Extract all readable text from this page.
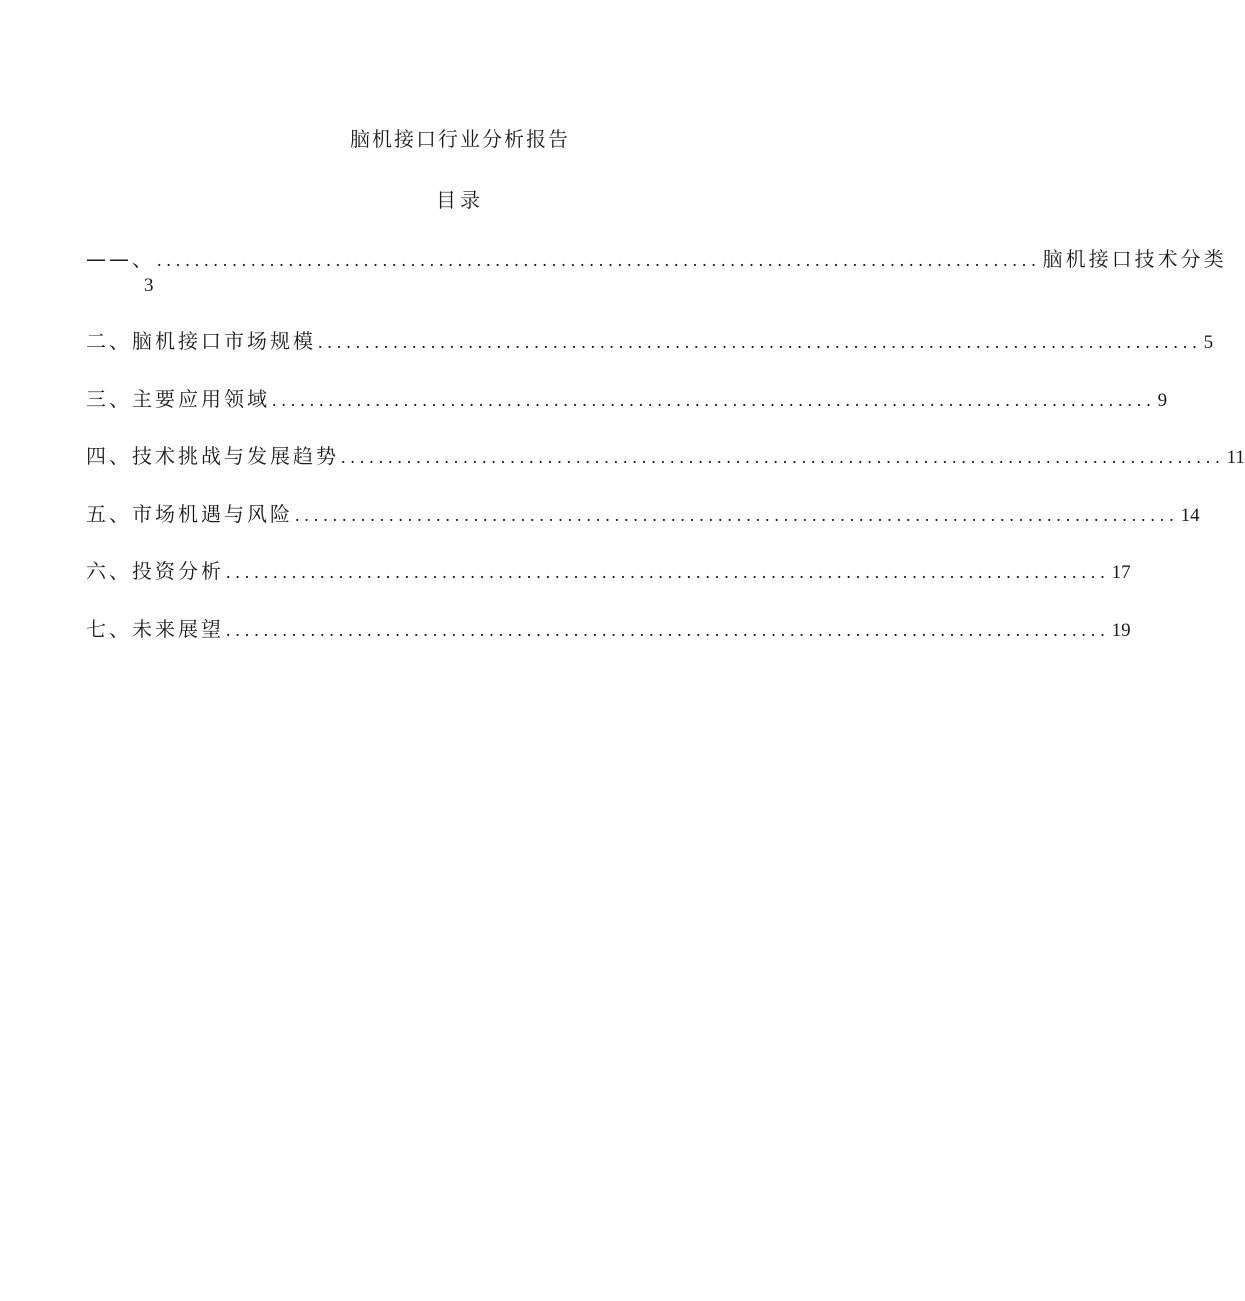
脑机接口行业分析报告
目录
——、 .............................................................................................. 脑机接口技术分类
3
二、脑机接口市场规模 .............................................................................................. 5
三、主要应用领域 .............................................................................................. 9
四、技术挑战与发展趋势 .............................................................................................. 11
五、市场机遇与风险 .............................................................................................. 14
六、投资分析 .............................................................................................. 17
七、未来展望 .............................................................................................. 19
